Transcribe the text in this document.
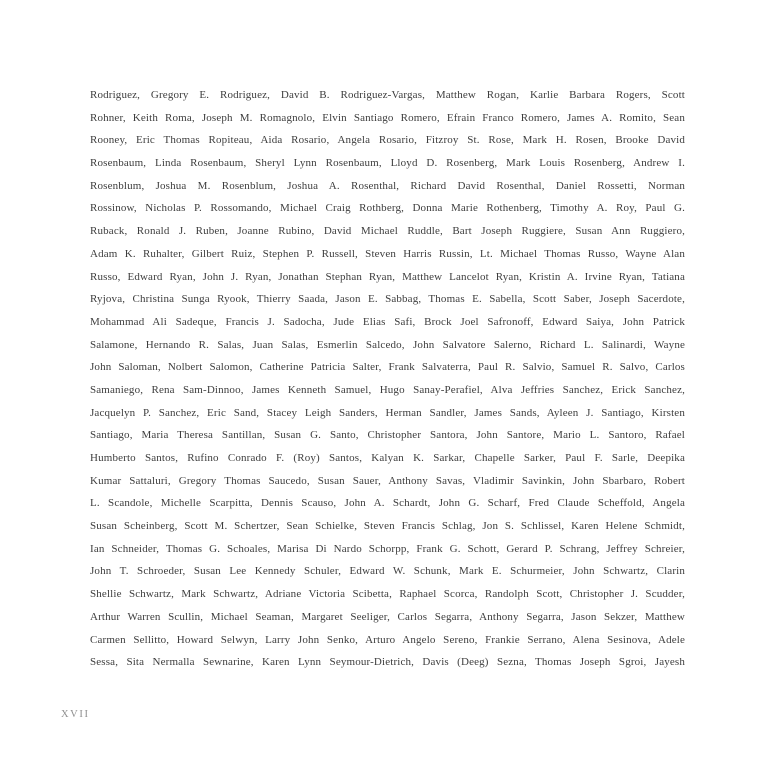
Rodriguez, Gregory E. Rodriguez, David B. Rodriguez-Vargas, Matthew Rogan, Karlie Barbara Rogers, Scott
Rohner, Keith Roma, Joseph M. Romagnolo, Elvin Santiago Romero, Efrain Franco Romero, James A. Romito, Sean
Rooney, Eric Thomas Ropiteau, Aida Rosario, Angela Rosario, Fitzroy St. Rose, Mark H. Rosen, Brooke David
Rosenbaum, Linda Rosenbaum, Sheryl Lynn Rosenbaum, Lloyd D. Rosenberg, Mark Louis Rosenberg, Andrew I.
Rosenblum, Joshua M. Rosenblum, Joshua A. Rosenthal, Richard David Rosenthal, Daniel Rossetti, Norman
Rossinow, Nicholas P. Rossomando, Michael Craig Rothberg, Donna Marie Rothenberg, Timothy A. Roy, Paul G.
Ruback, Ronald J. Ruben, Joanne Rubino, David Michael Ruddle, Bart Joseph Ruggiere, Susan Ann Ruggiero,
Adam K. Ruhalter, Gilbert Ruiz, Stephen P. Russell, Steven Harris Russin, Lt. Michael Thomas Russo, Wayne Alan
Russo, Edward Ryan, John J. Ryan, Jonathan Stephan Ryan, Matthew Lancelot Ryan, Kristin A. Irvine Ryan, Tatiana
Ryjova, Christina Sunga Ryook, Thierry Saada, Jason E. Sabbag, Thomas E. Sabella, Scott Saber, Joseph Sacerdote,
Mohammad Ali Sadeque, Francis J. Sadocha, Jude Elias Safi, Brock Joel Safronoff, Edward Saiya, John Patrick
Salamone, Hernando R. Salas, Juan Salas, Esmerlin Salcedo, John Salvatore Salerno, Richard L. Salinardi, Wayne
John Saloman, Nolbert Salomon, Catherine Patricia Salter, Frank Salvaterra, Paul R. Salvio, Samuel R. Salvo, Carlos
Samaniego, Rena Sam-Dinnoo, James Kenneth Samuel, Hugo Sanay-Perafiel, Alva Jeffries Sanchez, Erick Sanchez,
Jacquelyn P. Sanchez, Eric Sand, Stacey Leigh Sanders, Herman Sandler, James Sands, Ayleen J. Santiago, Kirsten
Santiago, Maria Theresa Santillan, Susan G. Santo, Christopher Santora, John Santore, Mario L. Santoro, Rafael
Humberto Santos, Rufino Conrado F. (Roy) Santos, Kalyan K. Sarkar, Chapelle Sarker, Paul F. Sarle, Deepika
Kumar Sattaluri, Gregory Thomas Saucedo, Susan Sauer, Anthony Savas, Vladimir Savinkin, John Sbarbaro, Robert
L. Scandole, Michelle Scarpitta, Dennis Scauso, John A. Schardt, John G. Scharf, Fred Claude Scheffold, Angela
Susan Scheinberg, Scott M. Schertzer, Sean Schielke, Steven Francis Schlag, Jon S. Schlissel, Karen Helene Schmidt,
Ian Schneider, Thomas G. Schoales, Marisa Di Nardo Schorpp, Frank G. Schott, Gerard P. Schrang, Jeffrey Schreier,
John T. Schroeder, Susan Lee Kennedy Schuler, Edward W. Schunk, Mark E. Schurmeier, John Schwartz, Clarin
Shellie Schwartz, Mark Schwartz, Adriane Victoria Scibetta, Raphael Scorca, Randolph Scott, Christopher J. Scudder,
Arthur Warren Scullin, Michael Seaman, Margaret Seeliger, Carlos Segarra, Anthony Segarra, Jason Sekzer, Matthew
Carmen Sellitto, Howard Selwyn, Larry John Senko, Arturo Angelo Sereno, Frankie Serrano, Alena Sesinova, Adele
Sessa, Sita Nermalla Sewnarine, Karen Lynn Seymour-Dietrich, Davis (Deeg) Sezna, Thomas Joseph Sgroi, Jayesh
XVII
